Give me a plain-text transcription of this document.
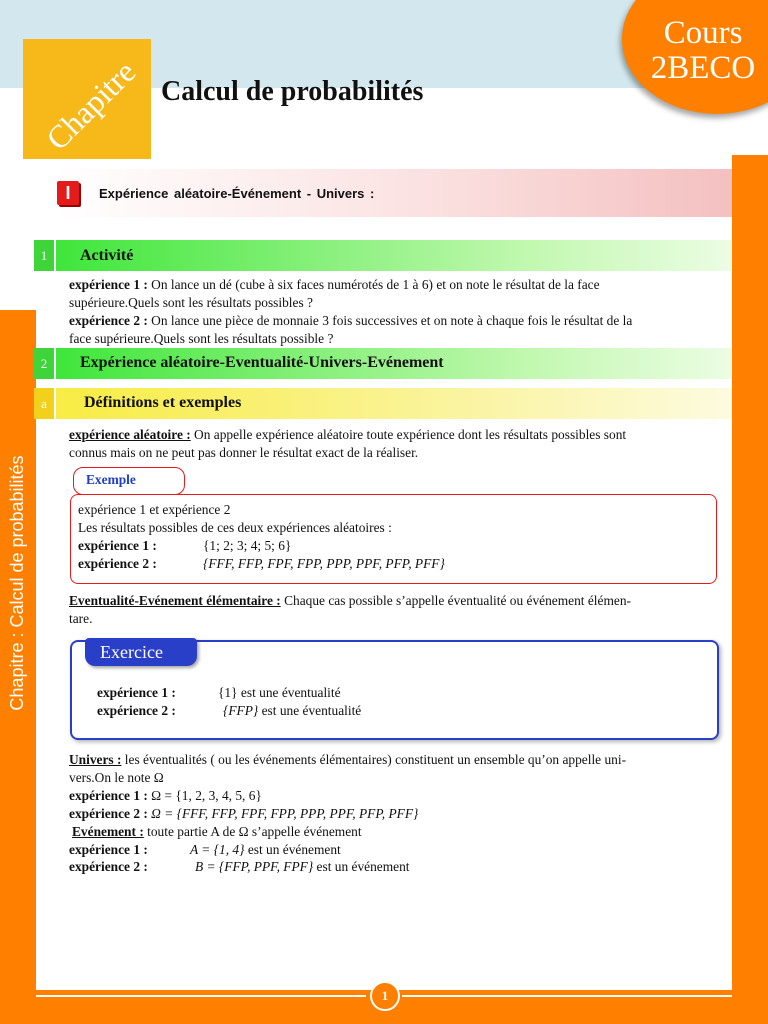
Cours
2BECO
Chapitre Calcul de probabilités
Chapitre : Calcul de probabilités
I	Expérience aléatoire-Événement - Univers :
1	Activité
expérience 1 : On lance un dé (cube à six faces numérotés de 1 à 6) et on note le résultat de la face
supérieure.Quels sont les résultats possibles ?
expérience 2 : On lance une pièce de monnaie 3 fois successives et on note à chaque fois le résultat de la
face supérieure.Quels sont les résultats possible ?
2	Expérience aléatoire-Eventualité-Univers-Evénement
a	Définitions et exemples
expérience aléatoire : On appelle expérience aléatoire toute expérience dont les résultats possibles sont
connus mais on ne peut pas donner le résultat exact de la réaliser.
Exemple
expérience 1 et expérience 2
Les résultats possibles de ces deux expériences aléatoires :
expérience 1 :	{1; 2; 3; 4; 5; 6}
expérience 2 :	{FFF, FFP, FPF, FPP, PPP, PPF, PFP, PFF}
Eventualité-Evénement élémentaire : Chaque cas possible s’appelle éventualité ou événement élémen-
tare.
Exercice
expérience 1 :	{1} est une éventualité
expérience 2 :	{FFP} est une éventualité
Univers : les éventualités ( ou les événements élémentaires) constituent un ensemble qu’on appelle uni-
vers.On le note Ω
expérience 1 : Ω = {1, 2, 3, 4, 5, 6}
expérience 2 : Ω = {FFF, FFP, FPF, FPP, PPP, PPF, PFP, PFF}
Evénement : toute partie A de Ω s’appelle événement
expérience 1 :	A = {1, 4} est un événement
expérience 2 :	B = {FFP, PPF, FPF} est un événement
1
